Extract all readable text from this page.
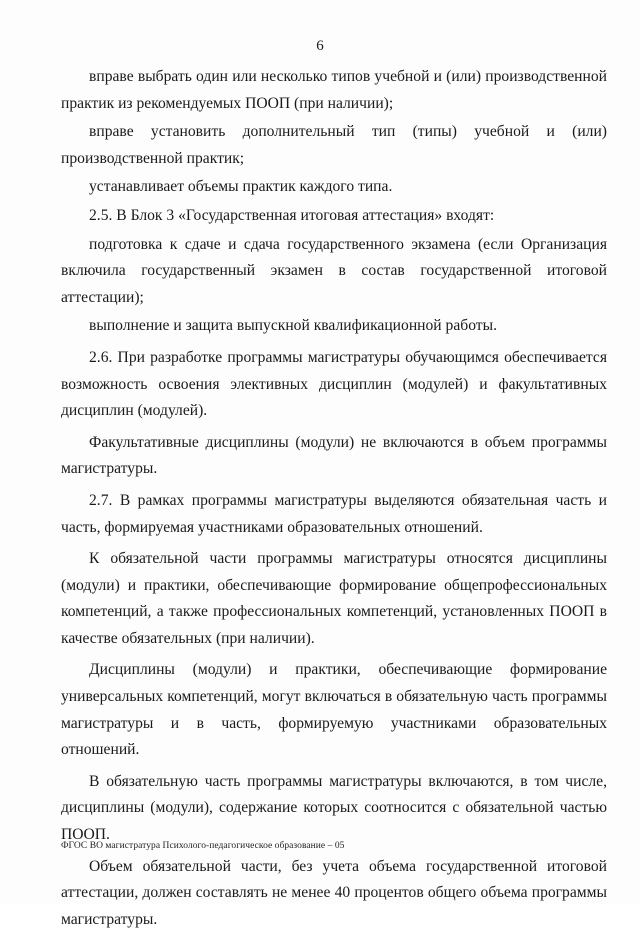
6

вправе выбрать один или несколько типов учебной и (или) производственной практик из рекомендуемых ПООП (при наличии);

вправе установить дополнительный тип (типы) учебной и (или) производственной практик;

устанавливает объемы практик каждого типа.

2.5. В Блок 3 «Государственная итоговая аттестация» входят:

подготовка к сдаче и сдача государственного экзамена (если Организация включила государственный экзамен в состав государственной итоговой аттестации);

выполнение и защита выпускной квалификационной работы.

2.6. При разработке программы магистратуры обучающимся обеспечивается возможность освоения элективных дисциплин (модулей) и факультативных дисциплин (модулей).

Факультативные дисциплины (модули) не включаются в объем программы магистратуры.

2.7. В рамках программы магистратуры выделяются обязательная часть и часть, формируемая участниками образовательных отношений.

К обязательной части программы магистратуры относятся дисциплины (модули) и практики, обеспечивающие формирование общепрофессиональных компетенций, а также профессиональных компетенций, установленных ПООП в качестве обязательных (при наличии).

Дисциплины (модули) и практики, обеспечивающие формирование универсальных компетенций, могут включаться в обязательную часть программы магистратуры и в часть, формируемую участниками образовательных отношений.

В обязательную часть программы магистратуры включаются, в том числе, дисциплины (модули), содержание которых соотносится с обязательной частью ПООП.

Объем обязательной части, без учета объема государственной итоговой аттестации, должен составлять не менее 40 процентов общего объема программы магистратуры.

ФГОС ВО магистратура Психолого-педагогическое образование – 05
